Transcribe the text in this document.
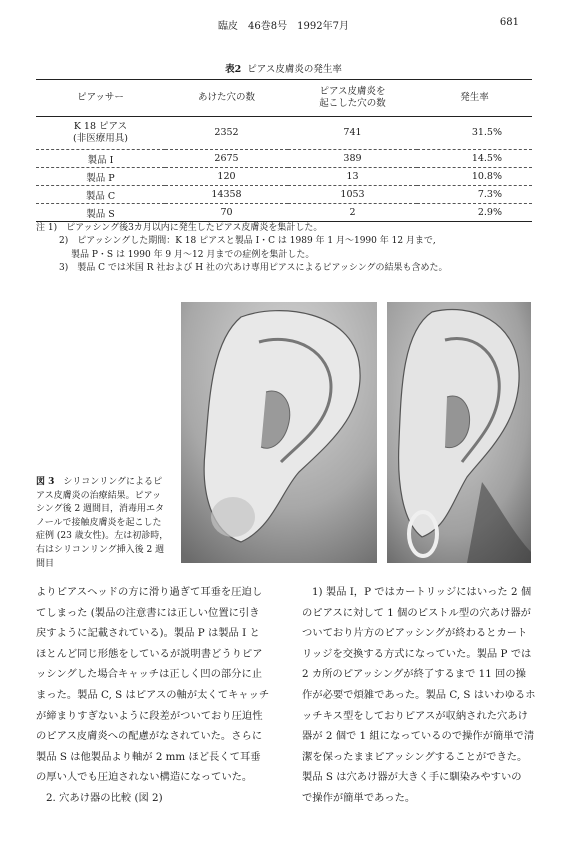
臨皮　46巻8号　1992年7月	681
表2 ピアス皮膚炎の発生率
ピアッサー	あけた穴の数	ピアス皮膚炎を
起こした穴の数	発生率
K 18 ピアス
(非医療用具)	2352	741	31.5%
製品 I	2675	389	14.5%
製品 P	120	13	10.8%
製品 C	14358	1053	7.3%
製品 S	70	2	2.9%
注 1)　ピアッシング後3カ月以内に発生したピアス皮膚炎を集計した。
2)　ピアッシングした期間：K 18 ピアスと製品 I・C は 1989 年 1 月〜1990 年 12 月まで,
製品 P・S は 1990 年 9 月〜12 月までの症例を集計した。
3)　製品 C では米国 R 社および H 社の穴あけ専用ピアスによるピアッシングの結果も含めた。
図 3　 シリコンリングによるピ
アス皮膚炎の治療結果。ピアッ
シング後 2 週間目，消毒用エタ
ノールで接触皮膚炎を起こした
症例 (23 歳女性)。左は初診時，
右はシリコンリング挿入後 2 週
間目
よりピアスヘッドの方に滑り過ぎて耳垂を圧迫し
てしまった (製品の注意書には正しい位置に引き
戻すように記載されている)。製品 P は製品 I と
ほとんど同じ形態をしているが説明書どうりピア
ッシングした場合キャッチは正しく凹の部分に止
まった。製品 C, S はピアスの軸が太くてキャッチ
が締まりすぎないように段差がついており圧迫性
のピアス皮膚炎への配慮がなされていた。さらに
製品 S は他製品より軸が 2 mm ほど長くて耳垂
の厚い人でも圧迫されない構造になっていた。
2. 穴あけ器の比較 (図 2)
1) 製品 I，P ではカートリッジにはいった 2 個
のピアスに対して 1 個のピストル型の穴あけ器が
ついており片方のピアッシングが終わるとカート
リッジを交換する方式になっていた。製品 P では
2 カ所のピアッシングが終了するまで 11 回の操
作が必要で煩雑であった。製品 C, S はいわゆるホ
ッチキス型をしておりピアスが収納された穴あけ
器が 2 個で 1 組になっているので操作が簡単で清
潔を保ったままピアッシングすることができた。
製品 S は穴あけ器が大きく手に馴染みやすいの
で操作が簡単であった。
